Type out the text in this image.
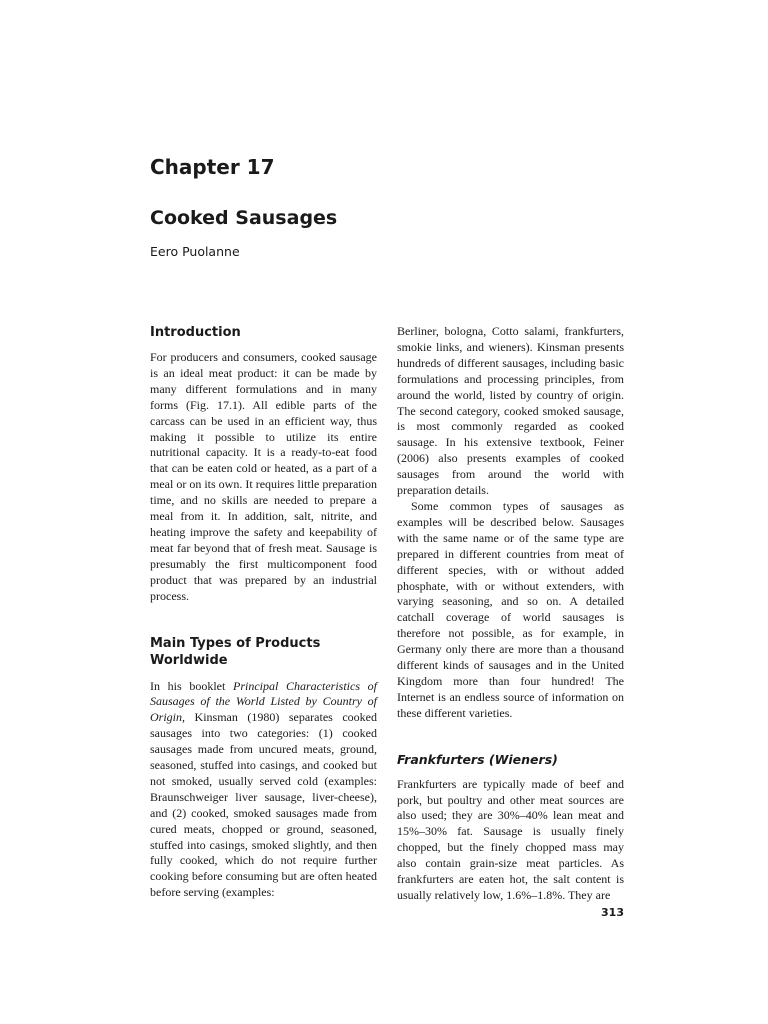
Chapter 17
Cooked Sausages
Eero Puolanne
Introduction

For producers and consumers, cooked sausage is an ideal meat product: it can be made by many different formulations and in many forms (Fig. 17.1). All edible parts of the carcass can be used in an efficient way, thus making it possible to utilize its entire nutritional capacity. It is a ready-to-eat food that can be eaten cold or heated, as a part of a meal or on its own. It requires little preparation time, and no skills are needed to prepare a meal from it. In addition, salt, nitrite, and heating improve the safety and keepability of meat far beyond that of fresh meat. Sausage is presumably the first multicomponent food product that was prepared by an industrial process.

Main Types of Products Worldwide

In his booklet Principal Characteristics of Sausages of the World Listed by Country of Origin, Kinsman (1980) separates cooked sausages into two categories: (1) cooked sausages made from uncured meats, ground, seasoned, stuffed into casings, and cooked but not smoked, usually served cold (examples: Braunschweiger liver sausage, liver-cheese), and (2) cooked, smoked sausages made from cured meats, chopped or ground, seasoned, stuffed into casings, smoked slightly, and then fully cooked, which do not require further cooking before consuming but are often heated before serving (examples:

Berliner, bologna, Cotto salami, frankfurters, smokie links, and wieners). Kinsman presents hundreds of different sausages, including basic formulations and processing principles, from around the world, listed by country of origin. The second category, cooked smoked sausage, is most commonly regarded as cooked sausage. In his extensive textbook, Feiner (2006) also presents examples of cooked sausages from around the world with preparation details.

Some common types of sausages as examples will be described below. Sausages with the same name or of the same type are prepared in different countries from meat of different species, with or without added phosphate, with or without extenders, with varying seasoning, and so on. A detailed catchall coverage of world sausages is therefore not possible, as for example, in Germany only there are more than a thousand different kinds of sausages and in the United Kingdom more than four hundred! The Internet is an endless source of information on these different varieties.

Frankfurters (Wieners)

Frankfurters are typically made of beef and pork, but poultry and other meat sources are also used; they are 30%–40% lean meat and 15%–30% fat. Sausage is usually finely chopped, but the finely chopped mass may also contain grain-size meat particles. As frankfurters are eaten hot, the salt content is usually relatively low, 1.6%–1.8%. They are

313
